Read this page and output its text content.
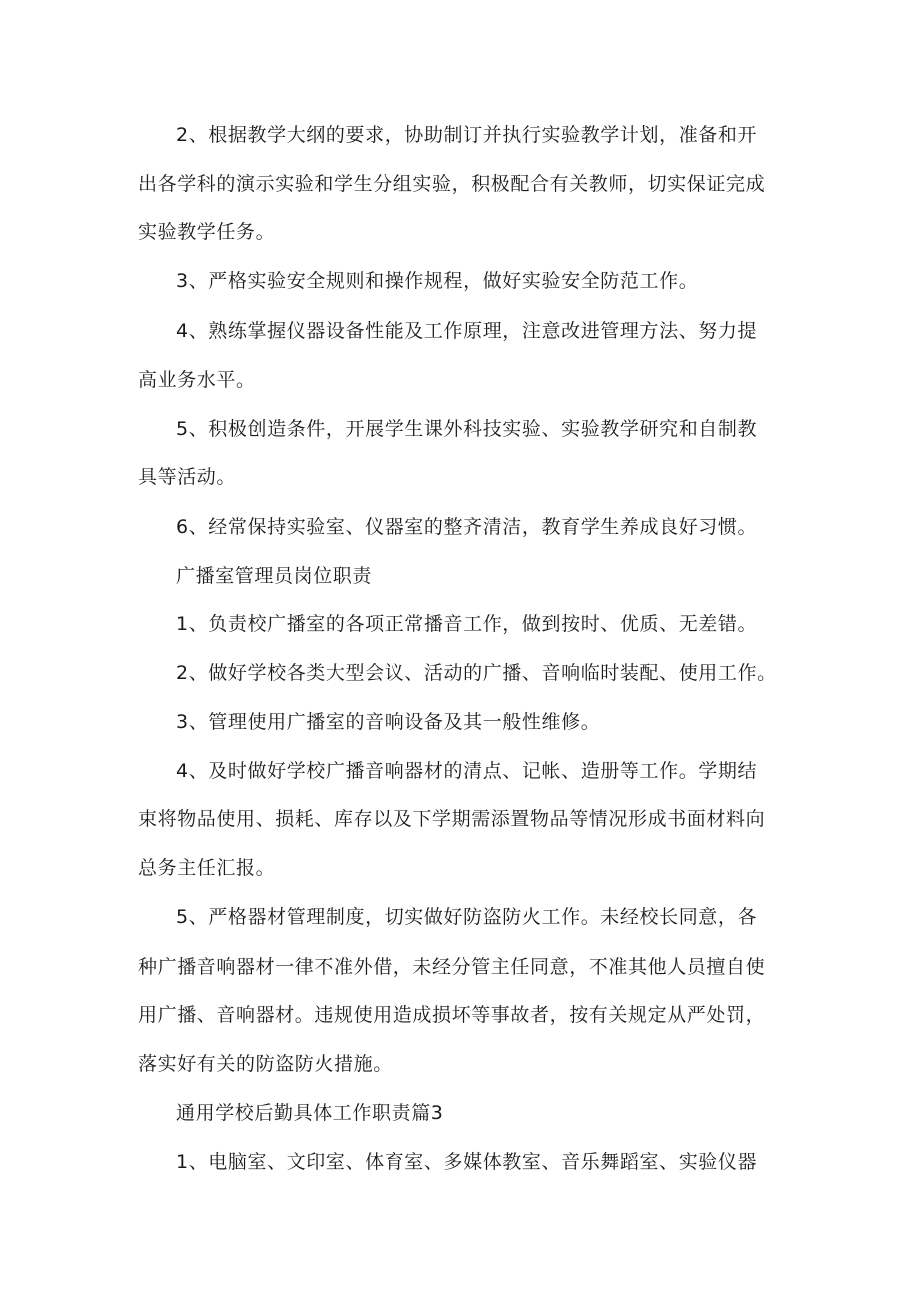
2、根据教学大纲的要求，协助制订并执行实验教学计划，准备和开
出各学科的演示实验和学生分组实验，积极配合有关教师，切实保证完成
实验教学任务。
3、严格实验安全规则和操作规程，做好实验安全防范工作。
4、熟练掌握仪器设备性能及工作原理，注意改进管理方法、努力提
高业务水平。
5、积极创造条件，开展学生课外科技实验、实验教学研究和自制教
具等活动。
6、经常保持实验室、仪器室的整齐清洁，教育学生养成良好习惯。
广播室管理员岗位职责
1、负责校广播室的各项正常播音工作，做到按时、优质、无差错。
2、做好学校各类大型会议、活动的广播、音响临时装配、使用工作。
3、管理使用广播室的音响设备及其一般性维修。
4、及时做好学校广播音响器材的清点、记帐、造册等工作。学期结
束将物品使用、损耗、库存以及下学期需添置物品等情况形成书面材料向
总务主任汇报。
5、严格器材管理制度，切实做好防盗防火工作。未经校长同意，各
种广播音响器材一律不准外借，未经分管主任同意，不准其他人员擅自使
用广播、音响器材。违规使用造成损坏等事故者，按有关规定从严处罚，
落实好有关的防盗防火措施。
通用学校后勤具体工作职责篇3
1、电脑室、文印室、体育室、多媒体教室、音乐舞蹈室、实验仪器
